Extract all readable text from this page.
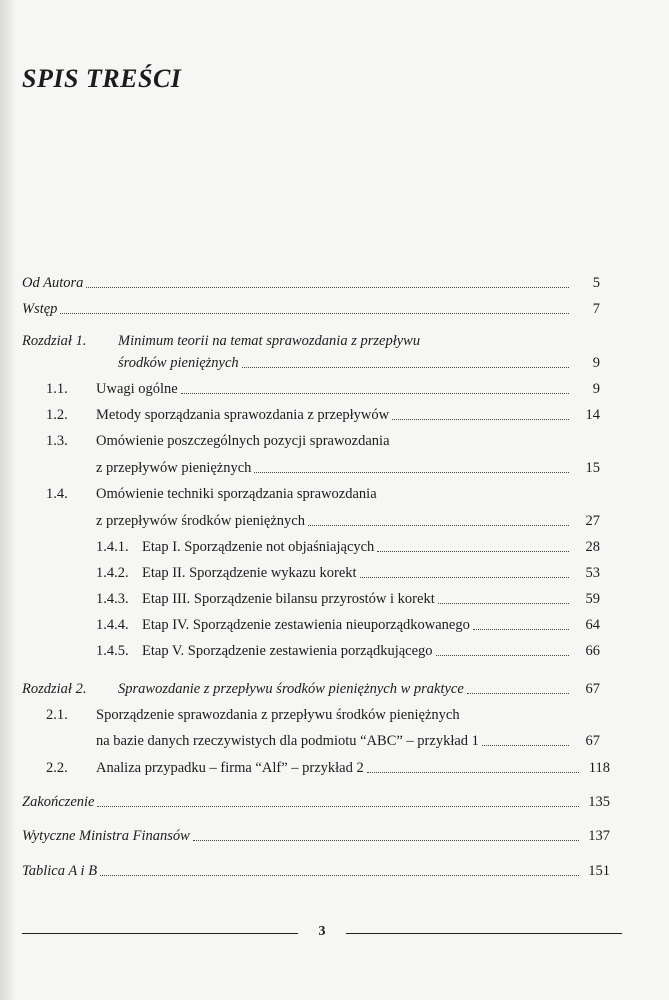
SPIS TREŚCI
Od Autora	5
Wstęp	7
Rozdział 1. Minimum teorii na temat sprawozdania z przepływu
środków pieniężnych	9
1.1.	Uwagi ogólne	9
1.2.	Metody sporządzania sprawozdania z przepływów	14
1.3. Omówienie poszczególnych pozycji sprawozdania
z przepływów pieniężnych	15
1.4. Omówienie techniki sporządzania sprawozdania
z przepływów środków pieniężnych	27
1.4.1. Etap I. Sporządzenie not objaśniających	28
1.4.2. Etap II. Sporządzenie wykazu korekt	53
1.4.3. Etap III. Sporządzenie bilansu przyrostów i korekt	59
1.4.4. Etap IV. Sporządzenie zestawienia nieuporządkowanego	64
1.4.5. Etap V. Sporządzenie zestawienia porządkującego	66
Rozdział 2.	Sprawozdanie z przepływu środków pieniężnych w praktyce	67
2.1. Sporządzenie sprawozdania z przepływu środków pieniężnych
na bazie danych rzeczywistych dla podmiotu “ABC” – przykład 1	67
2.2.	Analiza przypadku – firma “Alf” – przykład 2	118
Zakończenie	135
Wytyczne Ministra Finansów	137
Tablica A i B	151
3
